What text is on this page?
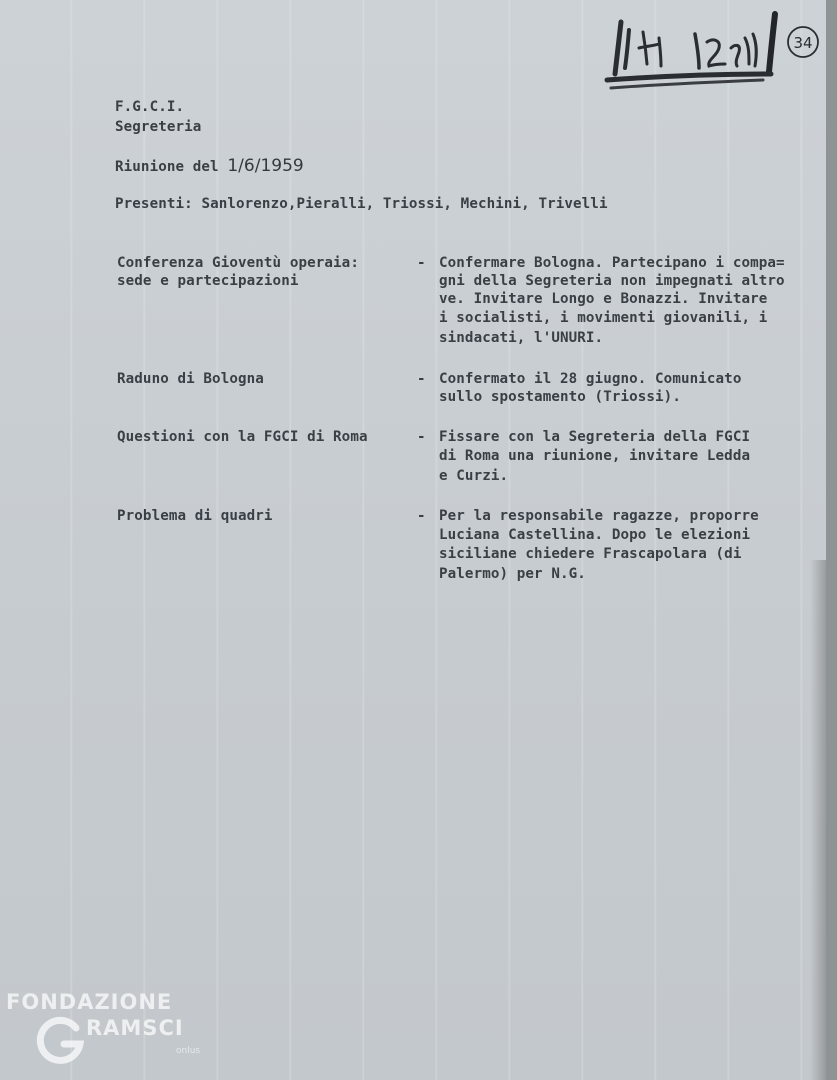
34
F.G.C.I.
Segreteria
Riunione del 1/6/1959
Presenti: Sanlorenzo,Pieralli, Triossi, Mechini, Trivelli
Conferenza Gioventù operaia:
sede e partecipazioni
- Confermare Bologna. Partecipano i compa=
gni della Segreteria non impegnati altro
ve. Invitare Longo e Bonazzi. Invitare
i socialisti, i movimenti giovanili, i
sindacati, l'UNURI.
Raduno di Bologna	- Confermato il 28 giugno. Comunicato
sullo spostamento (Triossi).
Questioni con la FGCI di Roma	- Fissare con la Segreteria della FGCI
di Roma una riunione, invitare Ledda
e Curzi.
Problema di quadri	- Per la responsabile ragazze, proporre
Luciana Castellina. Dopo le elezioni
siciliane chiedere Frascapolara (di
Palermo) per N.G.
FONDAZIONE
RAMSCI
onlus
